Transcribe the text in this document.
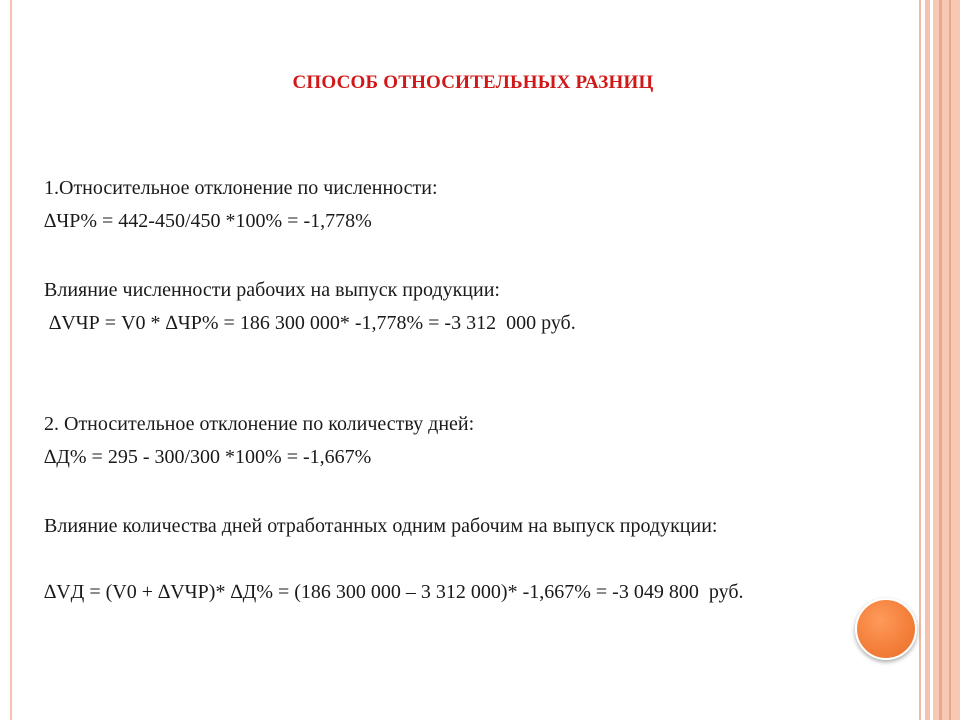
СПОСОБ ОТНОСИТЕЛЬНЫХ РАЗНИЦ
1.Относительное отклонение по численности:
∆ЧР% = 442-450/450 *100% = -1,778%
Влияние численности рабочих на выпуск продукции:
∆VЧР = V0 * ∆ЧР% = 186 300 000* -1,778% = -3 312  000 руб.
2. Относительное отклонение по количеству дней:
∆Д% = 295 - 300/300 *100% = -1,667%
Влияние количества дней отработанных одним рабочим на выпуск продукции:
∆VД = (V0 + ∆VЧР)* ∆Д% = (186 300 000 – 3 312 000)* -1,667% = -3 049 800  руб.
